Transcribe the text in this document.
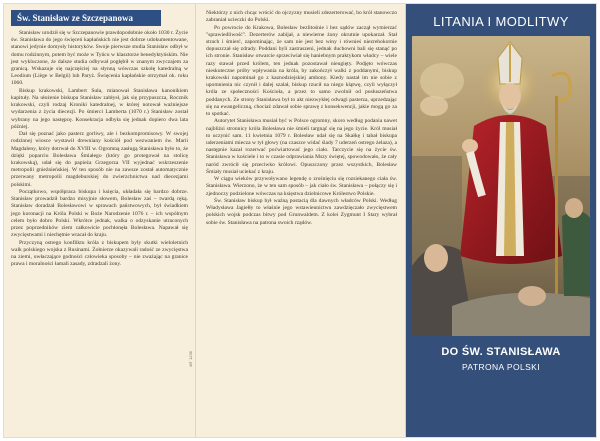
Św. Stanisław ze Szczepanowa

Stanisław urodził się w Szczepanowie prawdopodobnie około 1030 r. Życie św. Stanisława do jego święceń kapłańskich nie jest dobrze udokumentowane, stanowi jedynie domysły historyków. Swoje pierwsze studia Stanisław odbył w domu rodzinnym, potem być może w Tyńcu w klasztorze benedyktyńskim. Nie jest wykluczone, że dalsze studia odbywał pogłębił w znanym zwyczajem za granicą. Wskazuje się najczęściej na słynną wówczas szkołę katedralną w Leodium (Liège w Belgii) lub Paryż. Święcenia kapłańskie otrzymał ok. roku 1060.

Biskup krakowski, Lambert Suła, mianował Stanisława kanonikiem kapituły. Na ułożenie biskupa Stanisław zabłysł, jak się przypuszcza, Rocznik krakowski, czyli rodzaj Kroniki katedralnej, w której notował ważniejsze wydarzenia z życia diecezji. Po śmierci Lamberta (1070 r.) Stanisław został wybrany na jego następcę. Konsekracja odbyła się jednak dopiero dwa lata później.

Dał się poznać jako pasterz gorliwy, ale i bezkompromisowy. W swojej rodzinnej wiosce wystawił drewniany kościół pod wezwaniem św. Marii Magdaleny, który dotrwał do XVIII w. Ogromną zasługą Stanisława było to, że dzięki poparciu Bolesława Śmiałego (który go protegował na stolicę krakowską), udał się do papieża Grzegorza VII wyjednać wskrzeszenie metropolii gnieźnieńskiej. W ten sposób nie na zawsze został automatycznie przerwany metropolii magdeburskiej do zwierzchnictwa nad diecezjami polskimi.

Początkowo, współpraca biskupa i księcia, układała się bardzo dobrze. Stanisław prowadził bardzo misyjnie słowem, Bolesław zaś – twardą ręką. Stanisław doradzał Bolesławowi w sprawach państwowych, był świadkiem jego koronacji na Króla Polski w Boże Narodzenie 1076 r. – ich wspólnym celem było dobro Polski. Wkrótce jednak, walka o odzyskanie utraconych przez poprzedników ziem całkowicie pochłonęła Bolesława. Napawał się zwycięstwami i niechętnie wracał do kraju.

Przyczyną ostrego konfliktu króla z biskupem były skutki wieloletnich walk polskiego wojska z Rusinami. Żołnierze okazywali radość ze zwycięstwa na ziemi, uwłaczające godności człowieka sposoby – nie zważając na granice prawa i moralności łamali zasady, zdradzali żony.

MT 1298

Niektórzy z nich chcąc wrócić do ojczyzny musieli zdezerterować, bo król stanowczo zabraniał ucieczki do Polski.

Po powrocie do Krakowa, Bolesław bezlitośnie i bez sądów zaczął wymierzać "sprawiedliwość". Dezerterów zabijał, a niewierne żony okrutnie upokarzał. Stał strach i śmierć, zapominając, że sam nie jest bez winy i równieś niezrehokornie dopuszczał się zdrady. Poddani byli zastraszeni, jednak duchowni bali się stanąć po ich stronie. Stanisław otwarcie sprzeciwiał się haniebnym praktykom władcy – wiele razy stawał przed królem, ten jednak pozostawał nieugięty. Podjęto wówczas nieskuteczne próby wpływania na króla, by zakończył walki z poddanymi, biskup krakowski napominał go z kaznodziejskiej ambony. Kiedy nastał im nie sobie z upomnienia nic czynił i dalej szalał, biskup rzucił na niego klątwę, czyli wyłączył króla ze społeczności Kościoła, a przez to samo zwolnił od posłuszeństwa poddanych. Ze strony Stanisława był to akt niezwykłej odwagi pasterza, uprzedzając się na ewangeliczną, chociaż zdawał sobie sprawę z konsekwencji, jakie mogą go za to spotkać.

Autorytet Stanisława musiał być w Polsce ogromny, skoro według podania nawet najbliżsi stronnicy króla Bolesława nie śmieli targnąć się na jego życie. Król musiał to uczynić sam. 11 kwietnia 1079 r. Bolesław udał się na Skałkę i tabał biskupa uderzeniami miecza w tył głowy (na czaszce widać ślady 7 uderzeń ostrego żelaza), a następnie kazał rozerwać poćwiartować jego ciało. Tarczycie się na życie św. Stanisława w kościele i to w czasie odprawiania Mszy świętej, spowodowało, że cały naród zwrócił się przeciwko królowi. Opuszczony przez wszystkich, Bolesław Śmiały musiał uciekać z kraju.

W ciągu wieków przywoływano legendę o zrośnięciu się rozsiekanego ciała św. Stanisława. Wierzono, że w ten sam sposób – jak ciało św. Stanisława – połączy się i zjednoczy podzielone wówczas na księstwa dzielnicowe Królestwo Polskie.

Św. Stanisław biskup był ważną postacią dla dawnych władców Polski. Według Władysława Jagiełły to właśnie jego wstawiennictwu zawdzięczało zwycięstwem polskich wojsk podczas bitwy pod Grunwaldem. Z kolei Zygmunt I Stary wybrał sobie św. Stanisława na patrona swoich rządów.

LITANIA I MODLITWY
DO ŚW. STANISŁAWA
PATRONA POLSKI
